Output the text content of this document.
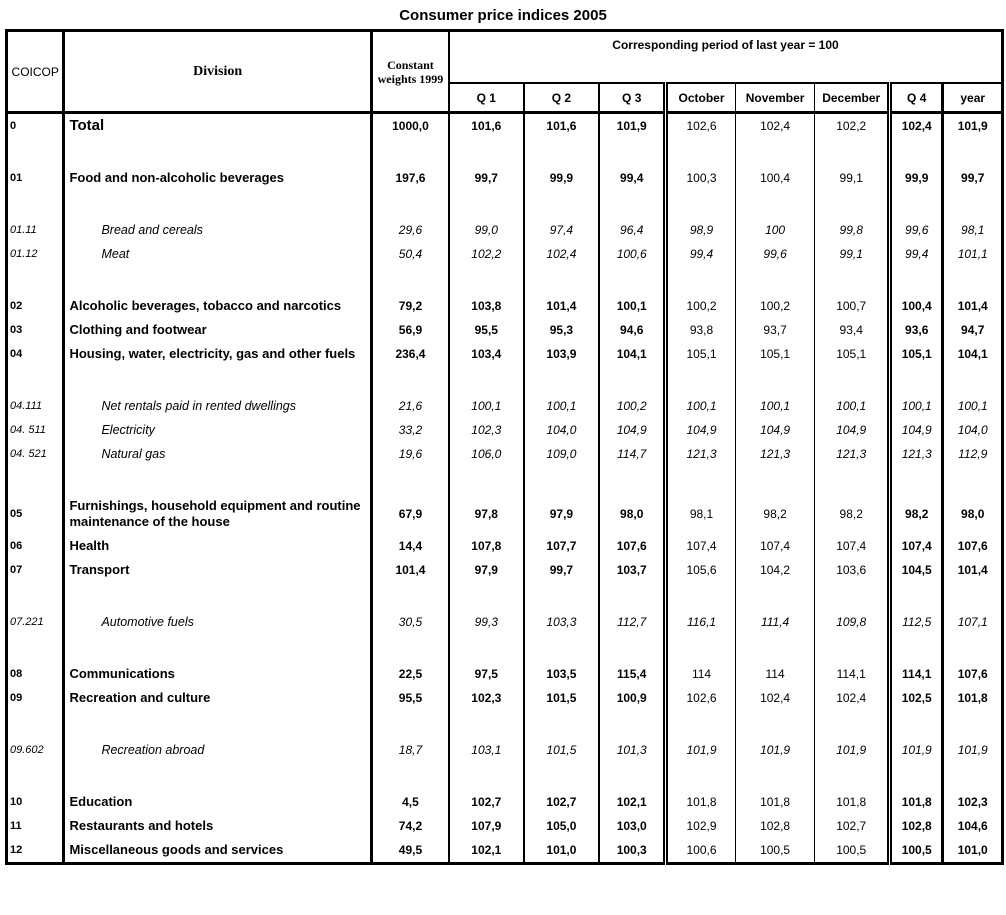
Consumer price indices 2005
COICOP	Division	Constant weights 1999	Corresponding period of last year = 100							
			Q 1	Q 2	Q 3	October	November	December	Q 4	year
0	Total	1000,0	101,6	101,6	101,9	102,6	102,4	102,2	102,4	101,9
01	Food and non-alcoholic beverages	197,6	99,7	99,9	99,4	100,3	100,4	99,1	99,9	99,7
01.11	Bread and cereals	29,6	99,0	97,4	96,4	98,9	100	99,8	99,6	98,1
01.12	Meat	50,4	102,2	102,4	100,6	99,4	99,6	99,1	99,4	101,1
02	Alcoholic beverages, tobacco and narcotics	79,2	103,8	101,4	100,1	100,2	100,2	100,7	100,4	101,4
03	Clothing and footwear	56,9	95,5	95,3	94,6	93,8	93,7	93,4	93,6	94,7
04	Housing, water, electricity, gas and other fuels	236,4	103,4	103,9	104,1	105,1	105,1	105,1	105,1	104,1
04.111	Net rentals paid in rented dwellings	21,6	100,1	100,1	100,2	100,1	100,1	100,1	100,1	100,1
04. 511	Electricity	33,2	102,3	104,0	104,9	104,9	104,9	104,9	104,9	104,0
04. 521	Natural gas	19,6	106,0	109,0	114,7	121,3	121,3	121,3	121,3	112,9
05	Furnishings, household equipment and routine maintenance of the house	67,9	97,8	97,9	98,0	98,1	98,2	98,2	98,2	98,0
06	Health	14,4	107,8	107,7	107,6	107,4	107,4	107,4	107,4	107,6
07	Transport	101,4	97,9	99,7	103,7	105,6	104,2	103,6	104,5	101,4
07.221	Automotive fuels	30,5	99,3	103,3	112,7	116,1	111,4	109,8	112,5	107,1
08	Communications	22,5	97,5	103,5	115,4	114	114	114,1	114,1	107,6
09	Recreation and culture	95,5	102,3	101,5	100,9	102,6	102,4	102,4	102,5	101,8
09.602	Recreation abroad	18,7	103,1	101,5	101,3	101,9	101,9	101,9	101,9	101,9
10	Education	4,5	102,7	102,7	102,1	101,8	101,8	101,8	101,8	102,3
11	Restaurants and hotels	74,2	107,9	105,0	103,0	102,9	102,8	102,7	102,8	104,6
12	Miscellaneous goods and services	49,5	102,1	101,0	100,3	100,6	100,5	100,5	100,5	101,0
